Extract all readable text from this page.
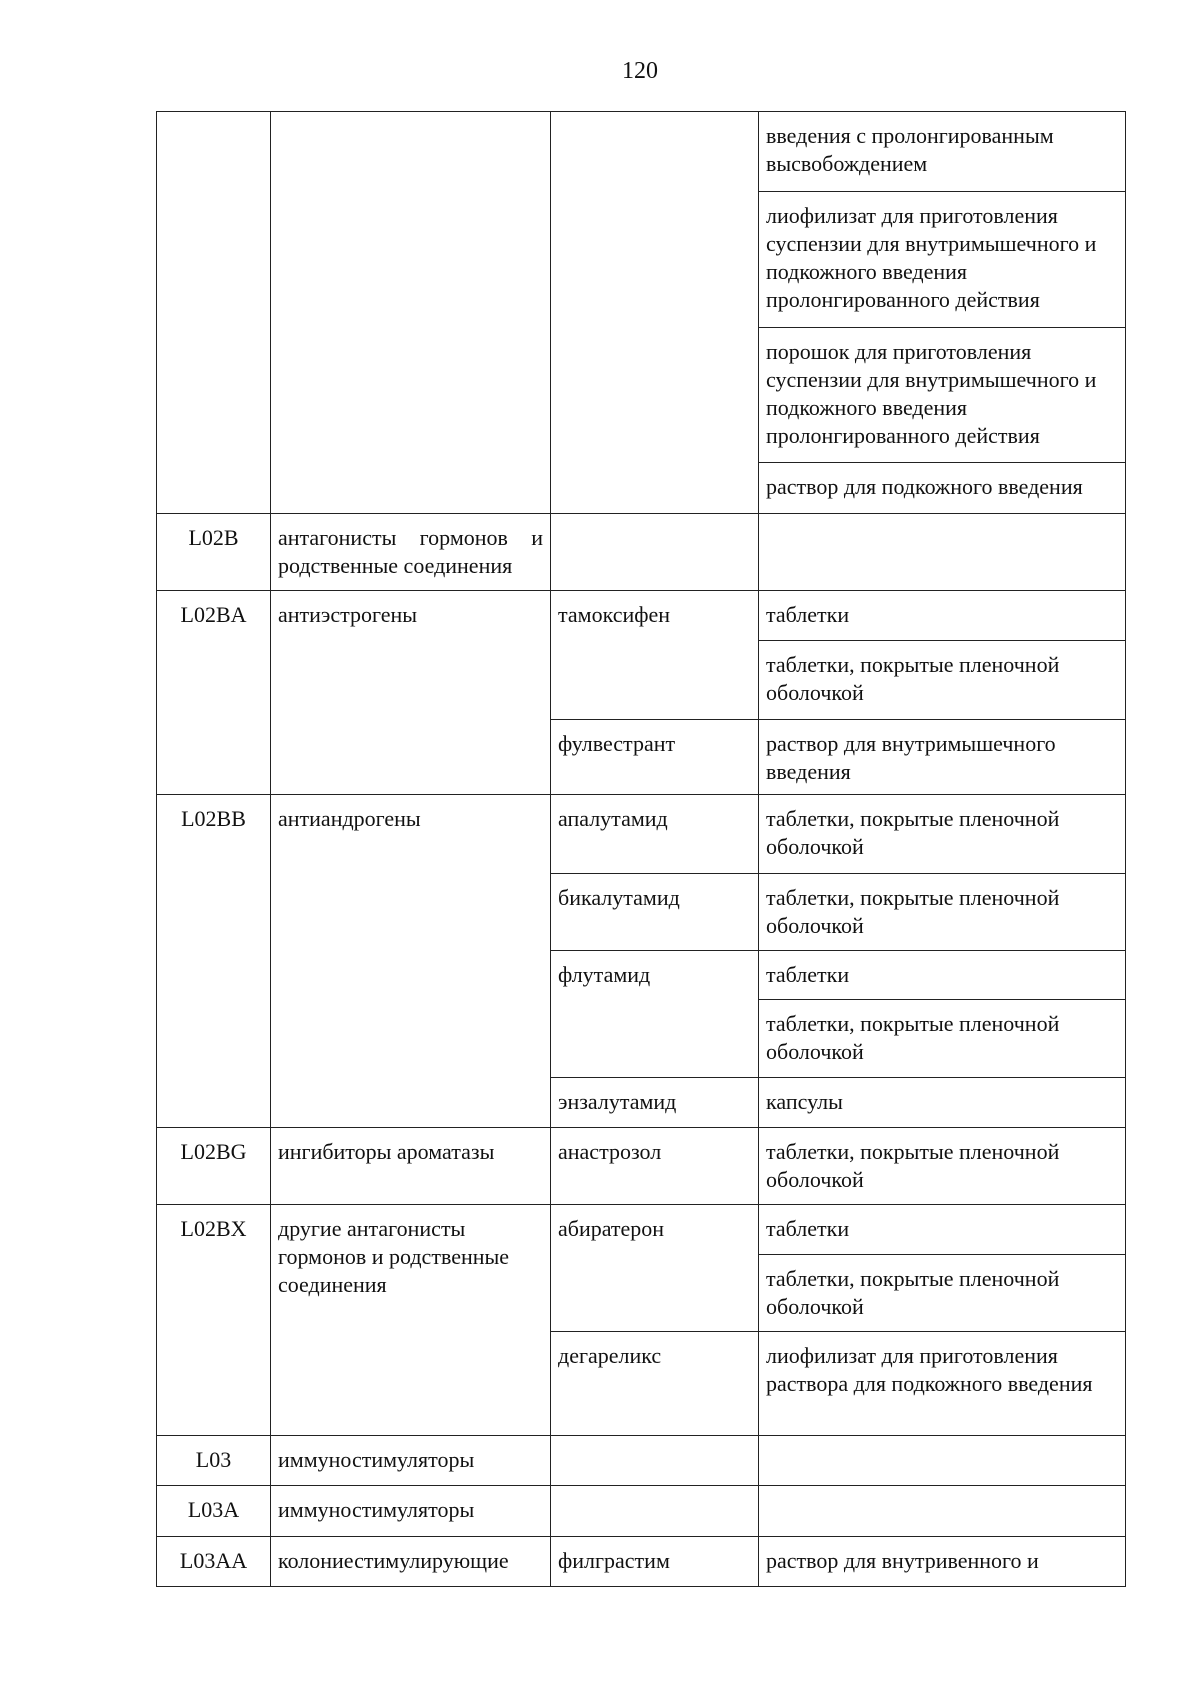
120
			введения с пролонгированным высвобождением
			лиофилизат для приготовления суспензии для внутримышечного и подкожного введения пролонгированного действия
			порошок для приготовления суспензии для внутримышечного и подкожного введения пролонгированного действия
			раствор для подкожного введения
L02B	антагонисты гормонов и родственные соединения		
L02BA	антиэстрогены	тамоксифен	таблетки
			таблетки, покрытые пленочной оболочкой
		фулвестрант	раствор для внутримышечного введения
L02BB	антиандрогены	апалутамид	таблетки, покрытые пленочной оболочкой
		бикалутамид	таблетки, покрытые пленочной оболочкой
		флутамид	таблетки
			таблетки, покрытые пленочной оболочкой
		энзалутамид	капсулы
L02BG	ингибиторы ароматазы	анастрозол	таблетки, покрытые пленочной оболочкой
L02BX	другие антагонисты гормонов и родственные соединения	абиратерон	таблетки
			таблетки, покрытые пленочной оболочкой
		дегареликс	лиофилизат для приготовления раствора для подкожного введения
L03	иммуностимуляторы		
L03A	иммуностимуляторы		
L03AA	колониестимулирующие	филграстим	раствор для внутривенного и
